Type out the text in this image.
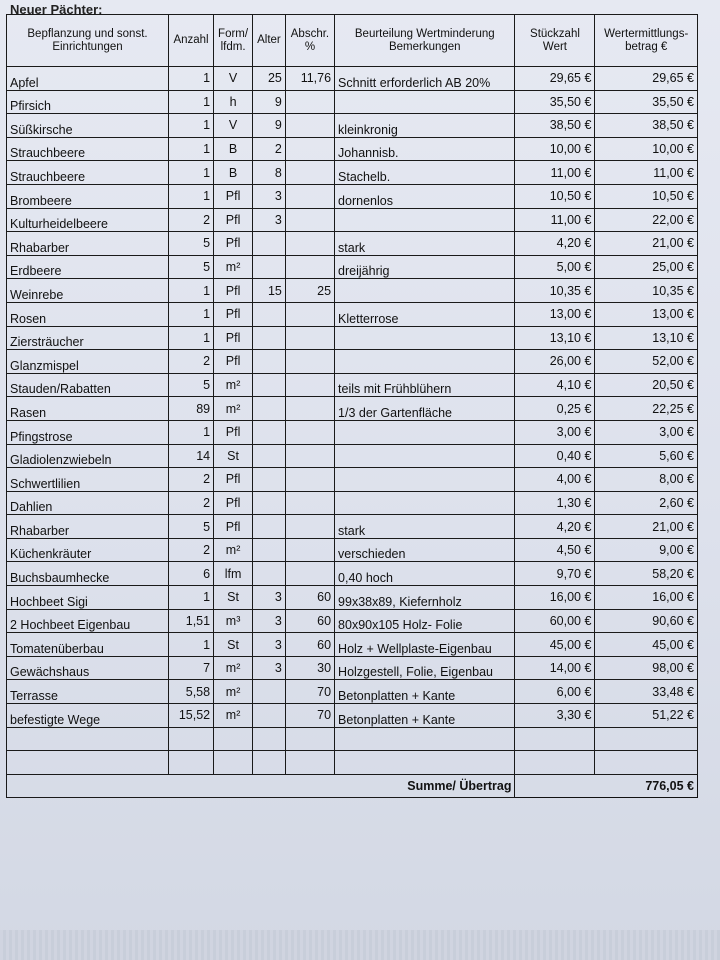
Neuer Pächter:
Bepflanzung und sonst. Einrichtungen	Anzahl	Form/ lfdm.	Alter	Abschr. %	Beurteilung Wertminderung Bemerkungen	Stückzahl Wert	Wertermittlungs- betrag €
Apfel	1	V	25	11,76	Schnitt erforderlich AB 20%	29,65 €	29,65 €
Pfirsich	1	h	9			35,50 €	35,50 €
Süßkirsche	1	V	9		kleinkronig	38,50 €	38,50 €
Strauchbeere	1	B	2		Johannisb.	10,00 €	10,00 €
Strauchbeere	1	B	8		Stachelb.	11,00 €	11,00 €
Brombeere	1	Pfl	3		dornenlos	10,50 €	10,50 €
Kulturheidelbeere	2	Pfl	3			11,00 €	22,00 €
Rhabarber	5	Pfl			stark	4,20 €	21,00 €
Erdbeere	5	m²			dreijährig	5,00 €	25,00 €
Weinrebe	1	Pfl	15	25		10,35 €	10,35 €
Rosen	1	Pfl			Kletterrose	13,00 €	13,00 €
Ziersträucher	1	Pfl				13,10 €	13,10 €
Glanzmispel	2	Pfl				26,00 €	52,00 €
Stauden/Rabatten	5	m²			teils mit Frühblühern	4,10 €	20,50 €
Rasen	89	m²			1/3 der Gartenfläche	0,25 €	22,25 €
Pfingstrose	1	Pfl				3,00 €	3,00 €
Gladiolenzwiebeln	14	St				0,40 €	5,60 €
Schwertlilien	2	Pfl				4,00 €	8,00 €
Dahlien	2	Pfl				1,30 €	2,60 €
Rhabarber	5	Pfl			stark	4,20 €	21,00 €
Küchenkräuter	2	m²			verschieden	4,50 €	9,00 €
Buchsbaumhecke	6	lfm			0,40 hoch	9,70 €	58,20 €
Hochbeet Sigi	1	St	3	60	99x38x89, Kiefernholz	16,00 €	16,00 €
2 Hochbeet Eigenbau	1,51	m³	3	60	80x90x105 Holz- Folie	60,00 €	90,60 €
Tomatenüberbau	1	St	3	60	Holz + Wellplaste-Eigenbau	45,00 €	45,00 €
Gewächshaus	7	m²	3	30	Holzgestell, Folie, Eigenbau	14,00 €	98,00 €
Terrasse	5,58	m²		70	Betonplatten + Kante	6,00 €	33,48 €
befestigte Wege	15,52	m²		70	Betonplatten + Kante	3,30 €	51,22 €

Summe/ Übertrag						776,05 €	
